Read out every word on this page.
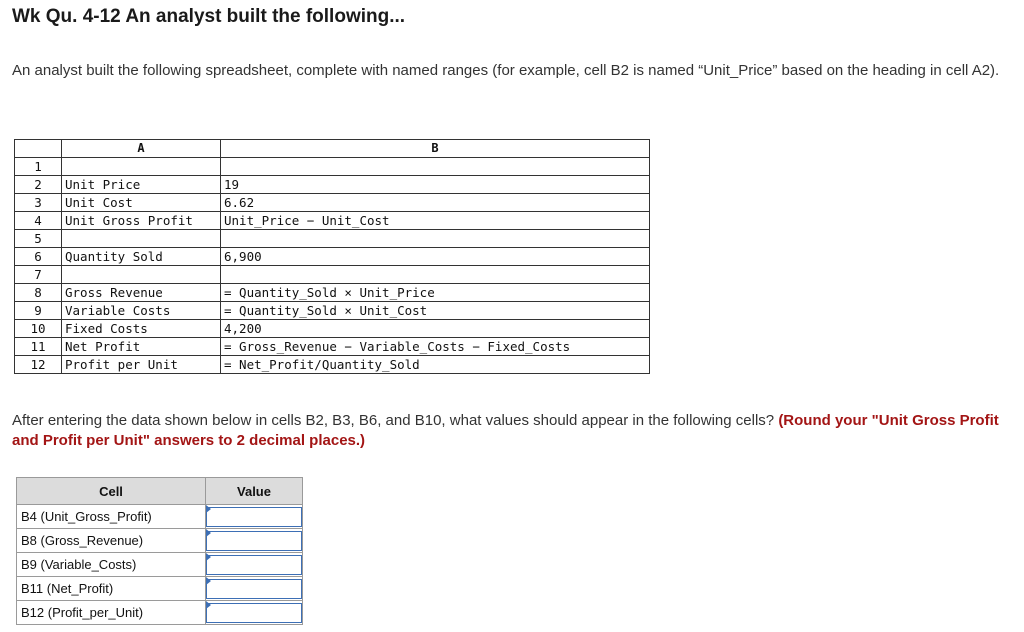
Wk Qu. 4-12 An analyst built the following...
An analyst built the following spreadsheet, complete with named ranges (for example, cell B2 is named “Unit_Price” based on the heading in cell A2).
	A	B
1		
2	Unit Price	19
3	Unit Cost	6.62
4	Unit Gross Profit	Unit_Price − Unit_Cost
5		
6	Quantity Sold	6,900
7		
8	Gross Revenue	= Quantity_Sold × Unit_Price
9	Variable Costs	= Quantity_Sold × Unit_Cost
10	Fixed Costs	4,200
11	Net Profit	= Gross_Revenue − Variable_Costs − Fixed_Costs
12	Profit per Unit	= Net_Profit/Quantity_Sold
After entering the data shown below in cells B2, B3, B6, and B10, what values should appear in the following cells? (Round your "Unit Gross Profit and Profit per Unit" answers to 2 decimal places.)
Cell	Value
B4 (Unit_Gross_Profit)	

B8 (Gross_Revenue)	

B9 (Variable_Costs)	

B11 (Net_Profit)	

B12 (Profit_per_Unit)	
